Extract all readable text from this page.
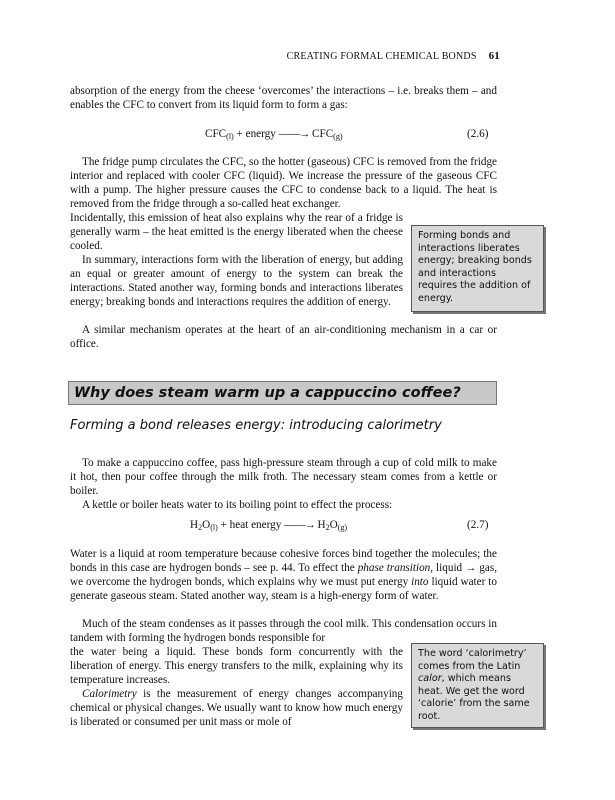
CREATING FORMAL CHEMICAL BONDS 61

absorption of the energy from the cheese ‘overcomes’ the interactions – i.e. breaks them – and enables the CFC to convert from its liquid form to form a gas:

$CFC_{(l)}$ + energy ——→ $CFC_{(g)}$	(2.6)

The fridge pump circulates the CFC, so the hotter (gaseous) CFC is removed from the fridge interior and replaced with cooler CFC (liquid). We increase the pressure of the gaseous CFC with a pump. The higher pressure causes the CFC to condense back to a liquid. The heat is removed from the fridge through a so-called heat exchanger.

Incidentally, this emission of heat also explains why the rear of a fridge is generally warm – the heat emitted is the energy liberated when the cheese cooled.

In summary, interactions form with the liberation of energy, but adding an equal or greater amount of energy to the system can break the interactions. Stated another way, forming bonds and interactions liberates energy; breaking bonds and interactions requires the addition of energy.

A similar mechanism operates at the heart of an air-conditioning mechanism in a car or office.

Forming bonds and interactions liberates energy; breaking bonds and interactions requires the addition of energy.
Why does steam warm up a cappuccino coffee?
Forming a bond releases energy: introducing calorimetry

To make a cappuccino coffee, pass high-pressure steam through a cup of cold milk to make it hot, then pour coffee through the milk froth. The necessary steam comes from a kettle or boiler.

A kettle or boiler heats water to its boiling point to effect the process:

$H_2O_{(l)}$ + heat energy ——→ $H_2O_{(g)}$	(2.7)

Water is a liquid at room temperature because cohesive forces bind together the molecules; the bonds in this case are hydrogen bonds – see p. 44. To effect the phase transition, liquid → gas, we overcome the hydrogen bonds, which explains why we must put energy into liquid water to generate gaseous steam. Stated another way, steam is a high-energy form of water.

Much of the steam condenses as it passes through the cool milk. This condensation occurs in tandem with forming the hydrogen bonds responsible for

the water being a liquid. These bonds form concurrently with the liberation of energy. This energy transfers to the milk, explaining why its temperature increases.

Calorimetry is the measurement of energy changes accompanying chemical or physical changes. We usually want to know how much energy is liberated or consumed per unit mass or mole of

The word ‘calorimetry’ comes from the Latin calor, which means heat. We get the word ‘calorie’ from the same root.
